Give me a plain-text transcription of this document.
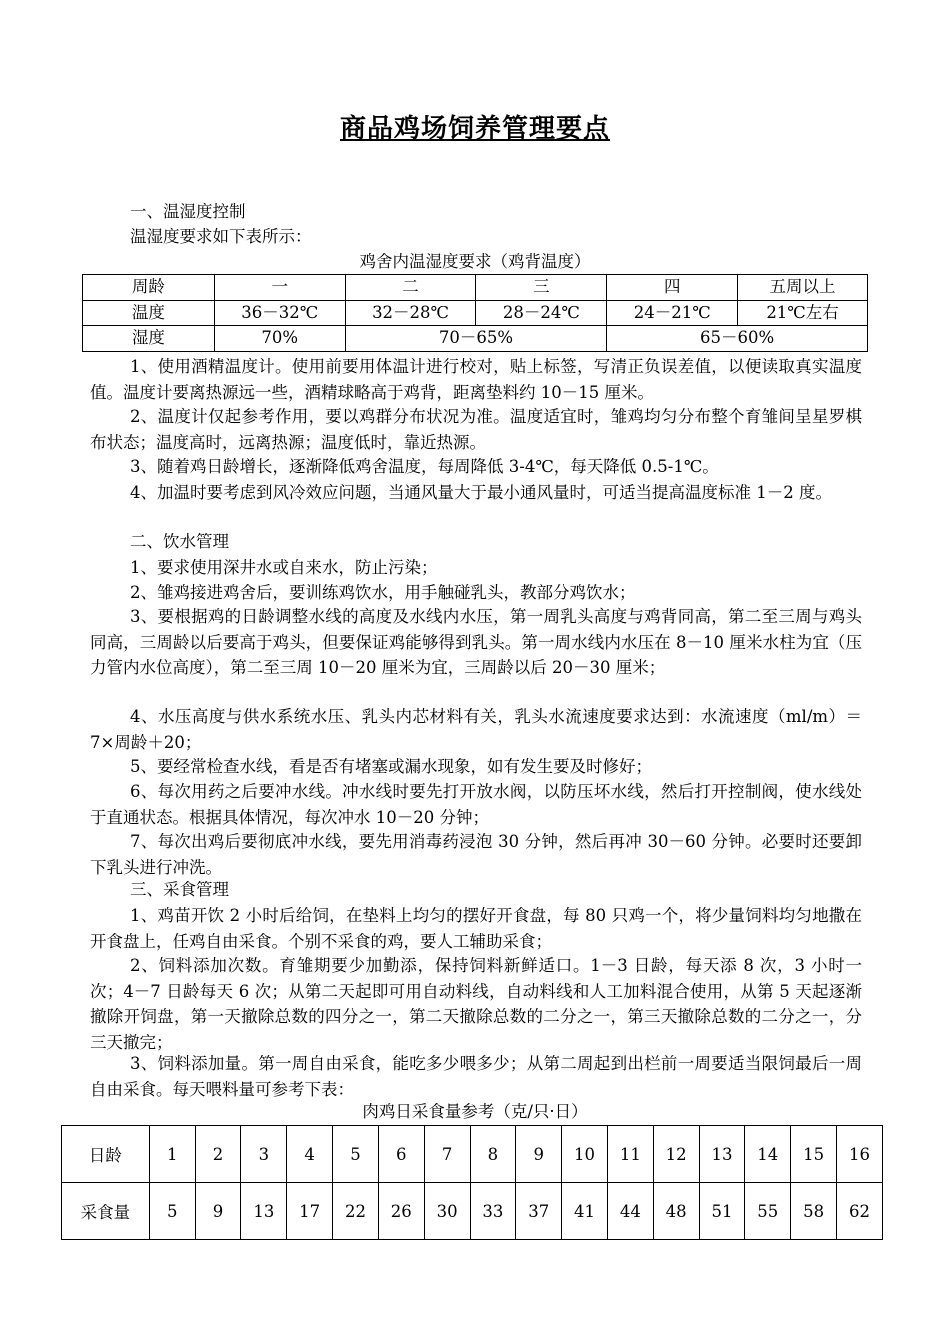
商品鸡场饲养管理要点
一、温湿度控制
温湿度要求如下表所示：
鸡舍内温湿度要求（鸡背温度）
周龄	一	二	三	四	五周以上
温度	36－32℃	32－28℃	28－24℃	24－21℃	21℃左右
湿度	70%	70－65%		65－60%	
1、使用酒精温度计。使用前要用体温计进行校对，贴上标签，写清正负误差值，以便读取真实温度值。温度计要离热源远一些，酒精球略高于鸡背，距离垫料约 10－15 厘米。
2、温度计仅起参考作用，要以鸡群分布状况为准。温度适宜时，雏鸡均匀分布整个育雏间呈星罗棋布状态；温度高时，远离热源；温度低时，靠近热源。
3、随着鸡日龄增长，逐渐降低鸡舍温度，每周降低 3-4℃，每天降低 0.5-1℃。
4、加温时要考虑到风冷效应问题，当通风量大于最小通风量时，可适当提高温度标准 1－2 度。
二、饮水管理
1、要求使用深井水或自来水，防止污染；
2、雏鸡接进鸡舍后，要训练鸡饮水，用手触碰乳头，教部分鸡饮水；
3、要根据鸡的日龄调整水线的高度及水线内水压，第一周乳头高度与鸡背同高，第二至三周与鸡头同高，三周龄以后要高于鸡头，但要保证鸡能够得到乳头。第一周水线内水压在 8－10 厘米水柱为宜（压力管内水位高度），第二至三周 10－20 厘米为宜，三周龄以后 20－30 厘米；
4、水压高度与供水系统水压、乳头内芯材料有关，乳头水流速度要求达到：水流速度（ml/m）＝7×周龄＋20；
5、要经常检查水线，看是否有堵塞或漏水现象，如有发生要及时修好；
6、每次用药之后要冲水线。冲水线时要先打开放水阀，以防压坏水线，然后打开控制阀，使水线处于直通状态。根据具体情况，每次冲水 10－20 分钟；
7、每次出鸡后要彻底冲水线，要先用消毒药浸泡 30 分钟，然后再冲 30－60 分钟。必要时还要卸下乳头进行冲洗。
三、采食管理
1、鸡苗开饮 2 小时后给饲，在垫料上均匀的摆好开食盘，每 80 只鸡一个，将少量饲料均匀地撒在开食盘上，任鸡自由采食。个别不采食的鸡，要人工辅助采食；
2、饲料添加次数。育雏期要少加勤添，保持饲料新鲜适口。1－3 日龄，每天添 8 次，3 小时一次；4－7 日龄每天 6 次；从第二天起即可用自动料线，自动料线和人工加料混合使用，从第 5 天起逐渐撤除开饲盘，第一天撤除总数的四分之一，第二天撤除总数的二分之一，第三天撤除总数的二分之一，分三天撤完；
3、饲料添加量。第一周自由采食，能吃多少喂多少；从第二周起到出栏前一周要适当限饲最后一周自由采食。每天喂料量可参考下表：
肉鸡日采食量参考（克/只·日）
日龄	1	2	3	4	5	6	7	8	9	10	11	12	13	14	15	16
采食量	5	9	13	17	22	26	30	33	37	41	44	48	51	55	58	62
